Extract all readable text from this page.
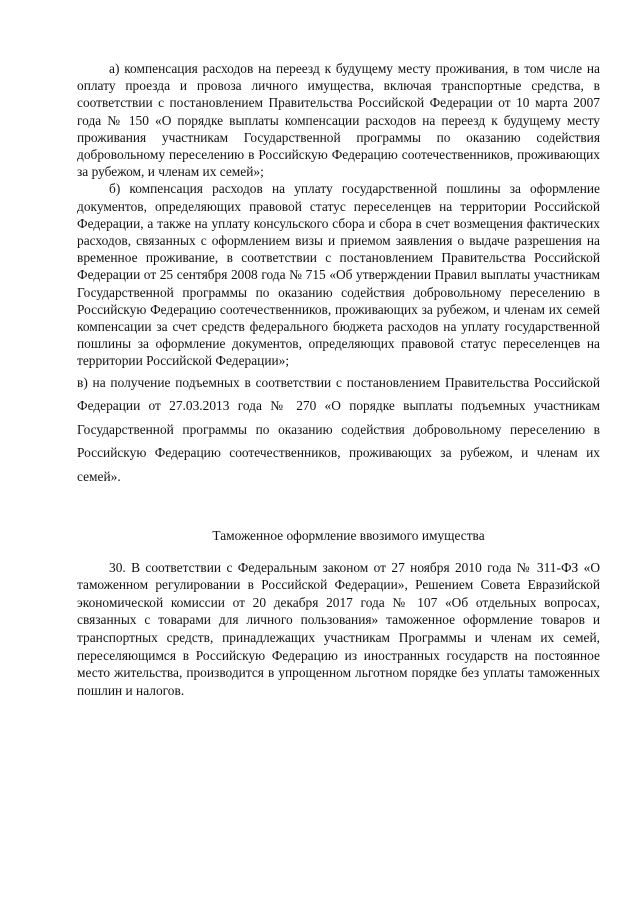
а) компенсация расходов на переезд к будущему месту проживания, в том числе на оплату проезда и провоза личного имущества, включая транспортные средства, в соответствии с постановлением Правительства Российской Федерации от 10 марта 2007 года № 150 «О порядке выплаты компенсации расходов на переезд к будущему месту проживания участникам Государственной программы по оказанию содействия добровольному переселению в Российскую Федерацию соотечественников, проживающих за рубежом, и членам их семей»;

б) компенсация расходов на уплату государственной пошлины за оформление документов, определяющих правовой статус переселенцев на территории Российской Федерации, а также на уплату консульского сбора и сбора в счет возмещения фактических расходов, связанных с оформлением визы и приемом заявления о выдаче разрешения на временное проживание, в соответствии с постановлением Правительства Российской Федерации от 25 сентября 2008 года № 715 «Об утверждении Правил выплаты участникам Государственной программы по оказанию содействия добровольному переселению в Российскую Федерацию соотечественников, проживающих за рубежом, и членам их семей компенсации за счет средств федерального бюджета расходов на уплату государственной пошлины за оформление документов, определяющих правовой статус переселенцев на территории Российской Федерации»;

в) на получение подъемных в соответствии с постановлением Правительства Российской Федерации от 27.03.2013 года № 270 «О порядке выплаты подъемных участникам Государственной программы по оказанию содействия добровольному переселению в Российскую Федерацию соотечественников, проживающих за рубежом, и членам их семей».

Таможенное оформление ввозимого имущества

30. В соответствии с Федеральным законом от 27 ноября 2010 года № 311-ФЗ «О таможенном регулировании в Российской Федерации», Решением Совета Евразийской экономической комиссии от 20 декабря 2017 года № 107 «Об отдельных вопросах, связанных с товарами для личного пользования» таможенное оформление товаров и транспортных средств, принадлежащих участникам Программы и членам их семей, переселяющимся в Российскую Федерацию из иностранных государств на постоянное место жительства, производится в упрощенном льготном порядке без уплаты таможенных пошлин и налогов.
